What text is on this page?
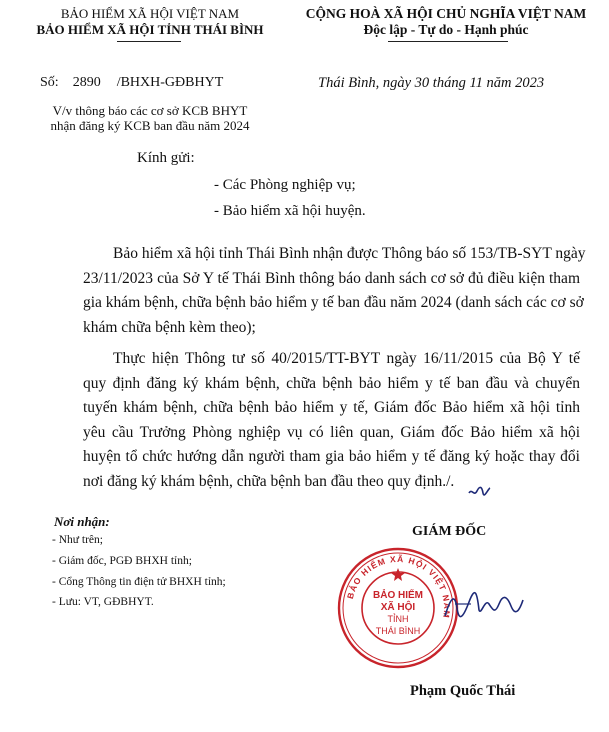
BẢO HIỂM XÃ HỘI VIỆT NAM
BẢO HIỂM XÃ HỘI TỈNH THÁI BÌNH
CỘNG HOÀ XÃ HỘI CHỦ NGHĨA VIỆT NAM
Độc lập - Tự do - Hạnh phúc
Số: 2890 /BHXH-GĐBHYT	Thái Bình, ngày 30 tháng 11 năm 2023
V/v thông báo các cơ sở KCB BHYT
nhận đăng ký KCB ban đầu năm 2024
Kính gửi:
- Các Phòng nghiệp vụ;
- Bảo hiểm xã hội huyện.
Bảo hiểm xã hội tỉnh Thái Bình nhận được Thông báo số 153/TB-SYT ngày
23/11/2023 của Sở Y tế Thái Bình thông báo danh sách cơ sở đủ điều kiện tham
gia khám bệnh, chữa bệnh bảo hiểm y tế ban đầu năm 2024 (danh sách các cơ sở
khám chữa bệnh kèm theo);
Thực hiện Thông tư số 40/2015/TT-BYT ngày 16/11/2015 của Bộ Y tế
quy định đăng ký khám bệnh, chữa bệnh bảo hiểm y tế ban đầu và chuyển
tuyến khám bệnh, chữa bệnh bảo hiểm y tế, Giám đốc Bảo hiểm xã hội tỉnh
yêu cầu Trưởng Phòng nghiệp vụ có liên quan, Giám đốc Bảo hiểm xã hội
huyện tổ chức hướng dẫn người tham gia bảo hiểm y tế đăng ký hoặc thay đổi
nơi đăng ký khám bệnh, chữa bệnh ban đầu theo quy định./.
Nơi nhận:
- Như trên;
- Giám đốc, PGĐ BHXH tỉnh;
- Cổng Thông tin điện tử BHXH tỉnh;
- Lưu: VT, GĐBHYT.
GIÁM ĐỐC
BẢO HIỂM XÃ HỘI VIỆT NAM
BẢO HIỂM
XÃ HỘI
TỈNH
THÁI BÌNH
Phạm Quốc Thái
